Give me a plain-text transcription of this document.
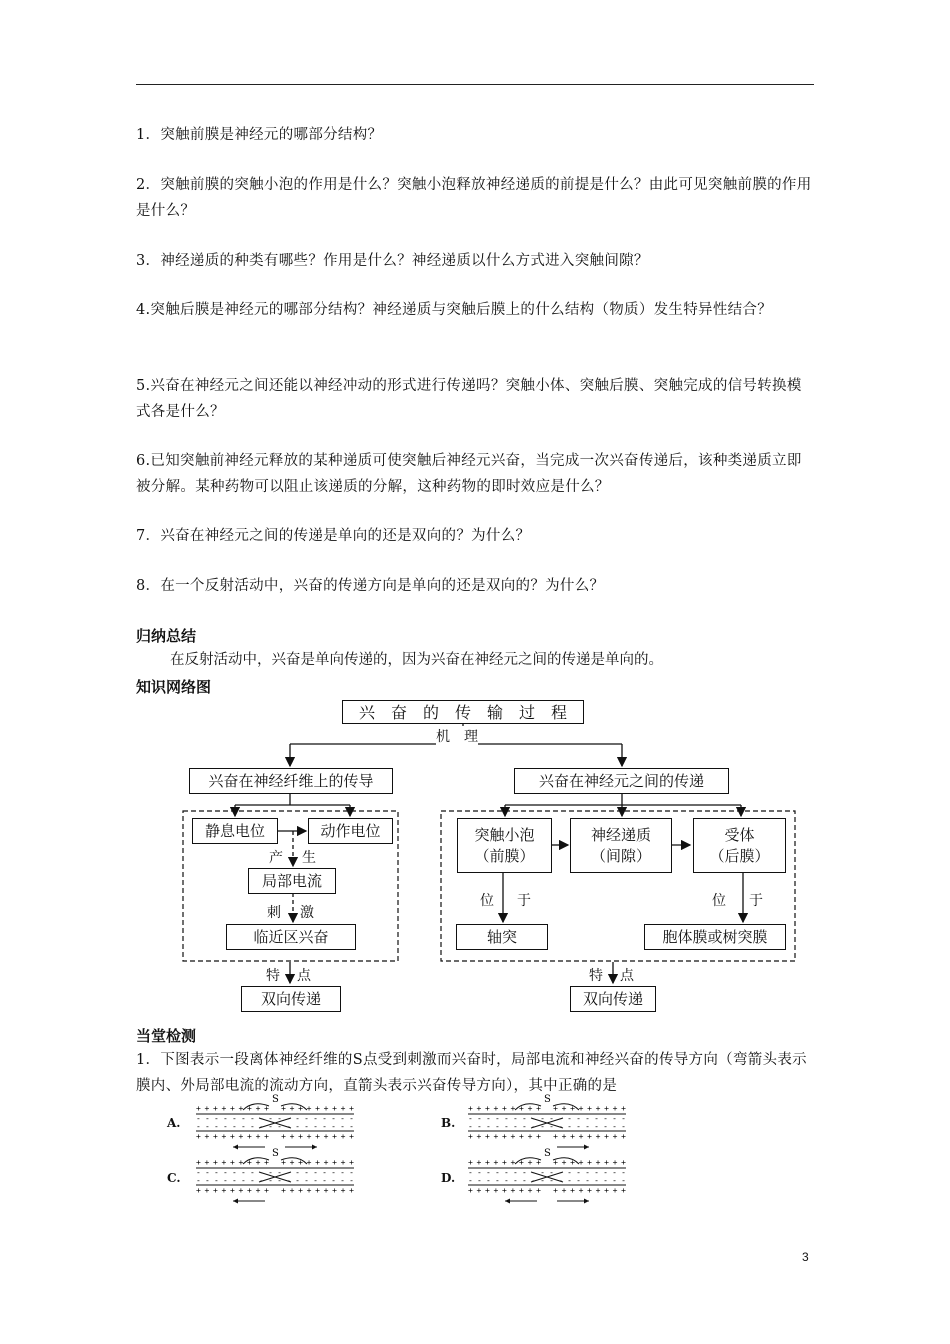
1．突触前膜是神经元的哪部分结构？
2．突触前膜的突触小泡的作用是什么？突触小泡释放神经递质的前提是什么？由此可见突触前膜的作用是什么？
3．神经递质的种类有哪些？作用是什么？神经递质以什么方式进入突触间隙？
4.突触后膜是神经元的哪部分结构？神经递质与突触后膜上的什么结构（物质）发生特异性结合？
5.兴奋在神经元之间还能以神经冲动的形式进行传递吗？突触小体、突触后膜、突触完成的信号转换模式各是什么？
6.已知突触前神经元释放的某种递质可使突触后神经元兴奋，当完成一次兴奋传递后，该种类递质立即被分解。某种药物可以阻止该递质的分解，这种药物的即时效应是什么？
7．兴奋在神经元之间的传递是单向的还是双向的？为什么？
8．在一个反射活动中，兴奋的传递方向是单向的还是双向的？为什么？
归纳总结
在反射活动中，兴奋是单向传递的，因为兴奋在神经元之间的传递是单向的。
知识网络图
兴　奋　的　传　输　过　程
机　理
兴奋在神经纤维上的传导	兴奋在神经元之间的传递
静息电位	动作电位
产 生
局部电流
刺 激
临近区兴奋
特 点
双向传递
突触小泡
（前膜）
神经递质
（间隙）
受体
（后膜）
位 于	位 于
轴突	胞体膜或树突膜
特 点
双向传递
当堂检测
1．下图表示一段离体神经纤维的S点受到刺激而兴奋时，局部电流和神经兴奋的传导方向（弯箭头表示膜内、外局部电流的流动方向，直箭头表示兴奋传导方向），其中正确的是
A.	B.
C.	D.
S
+++++++++ +++++++++
- - - - - - - - - - - - - - - - - -
- - - - - - - - - - - - - - - - - -
+++++++++ +++++++++
S
+++++++++ +++++++++
- - - - - - - - - - - - - - - - - -
- - - - - - - - - - - - - - - - - -
+++++++++ +++++++++
S
+++++++++ +++++++++
- - - - - - - - - - - - - - - - - -
- - - - - - - - - - - - - - - - - -
+++++++++ +++++++++
S
+++++++++ +++++++++
- - - - - - - - - - - - - - - - - -
- - - - - - - - - - - - - - - - - -
+++++++++ +++++++++
3
